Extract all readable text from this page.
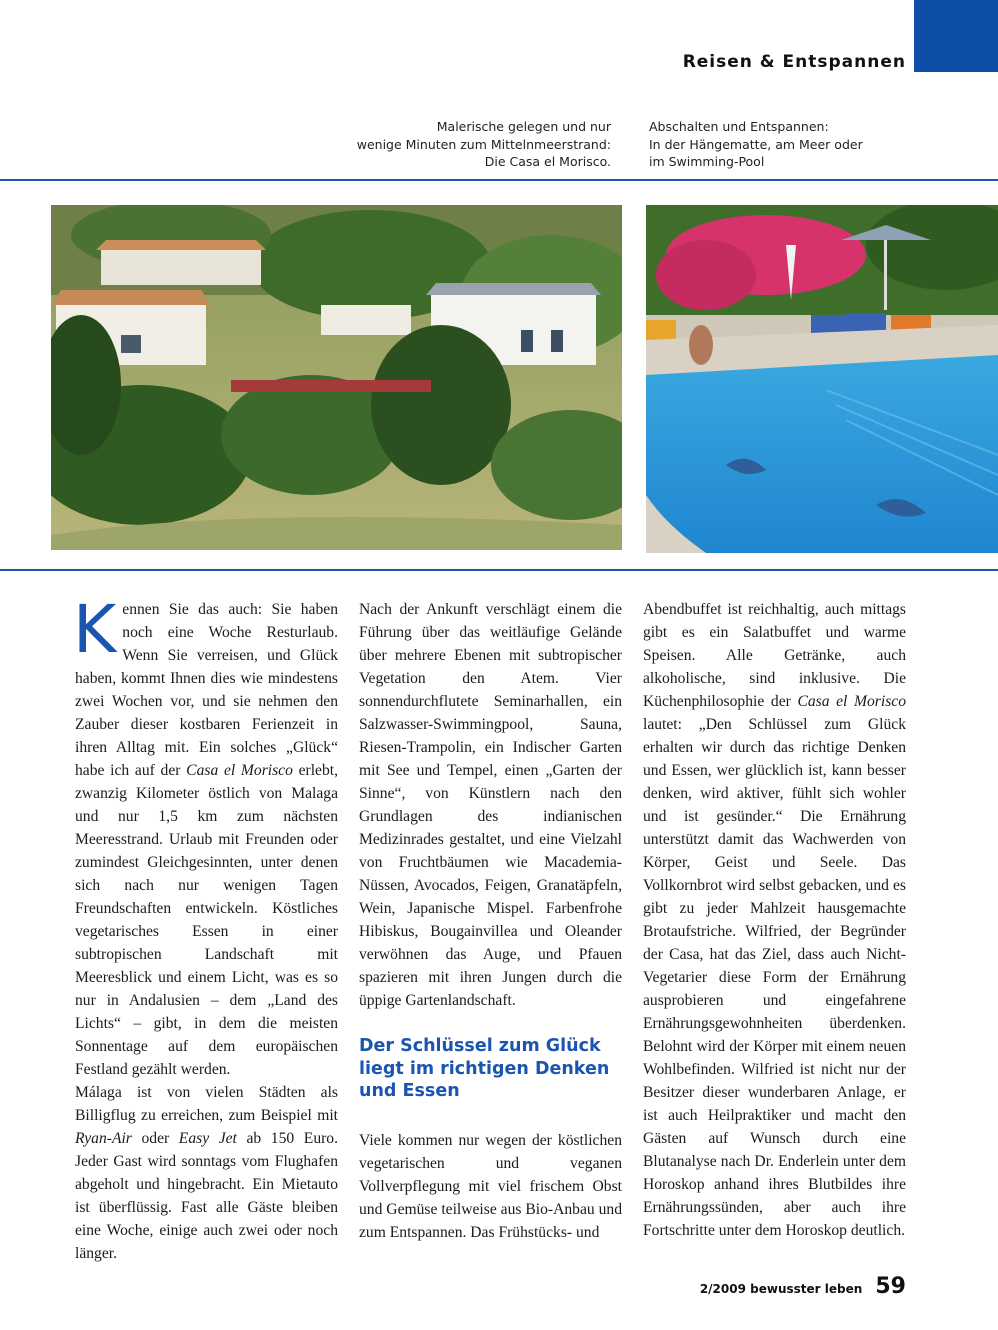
Reisen & Entspannen
Malerische gelegen und nur
wenige Minuten zum Mittelnmeerstrand:
Die Casa el Morisco.
Abschalten und Entspannen:
In der Hängematte, am Meer oder
im Swimming-Pool

Kennen Sie das auch: Sie haben noch eine Woche Resturlaub. Wenn Sie verreisen, und Glück haben, kommt Ihnen dies wie mindestens zwei Wochen vor, und sie nehmen den Zauber dieser kostbaren Ferienzeit in ihren Alltag mit. Ein solches „Glück“ habe ich auf der Casa el Morisco erlebt, zwanzig Kilometer östlich von Malaga und nur 1,5 km zum nächsten Meeresstrand. Urlaub mit Freunden oder zumindest Gleichgesinnten, unter denen sich nach nur wenigen Tagen Freundschaften entwickeln. Köstliches vegetarisches Essen in einer subtropischen Landschaft mit Meeresblick und einem Licht, was es so nur in Andalusien – dem „Land des Lichts“ – gibt, in dem die meisten Sonnentage auf dem europäischen Festland gezählt werden.

Málaga ist von vielen Städten als Billigflug zu erreichen, zum Beispiel mit Ryan-Air oder Easy Jet ab 150 Euro. Jeder Gast wird sonntags vom Flughafen abgeholt und hingebracht. Ein Mietauto ist überflüssig. Fast alle Gäste bleiben eine Woche, einige auch zwei oder noch länger.

Nach der Ankunft verschlägt einem die Führung über das weitläufige Gelände über mehrere Ebenen mit subtropischer Vegetation den Atem. Vier sonnendurchflutete Seminarhallen, ein Salzwasser-Swimmingpool, Sauna, Riesen-Trampolin, ein Indischer Garten mit See und Tempel, einen „Garten der Sinne“, von Künstlern nach den Grundlagen des indianischen Medizinrades gestaltet, und eine Vielzahl von Fruchtbäumen wie Macademia-Nüssen, Avocados, Feigen, Granatäpfeln, Wein, Japanische Mispel. Farbenfrohe Hibiskus, Bougainvillea und Oleander verwöhnen das Auge, und Pfauen spazieren mit ihren Jungen durch die üppige Gartenlandschaft.

Der Schlüssel zum Glück liegt im richtigen Denken und Essen

Viele kommen nur wegen der köstlichen vegetarischen und veganen Vollverpflegung mit viel frischem Obst und Gemüse teilweise aus Bio-Anbau und zum Entspannen. Das Frühstücks- und

Abendbuffet ist reichhaltig, auch mittags gibt es ein Salatbuffet und warme Speisen. Alle Getränke, auch alkoholische, sind inklusive. Die Küchenphilosophie der Casa el Morisco lautet: „Den Schlüssel zum Glück erhalten wir durch das richtige Denken und Essen, wer glücklich ist, kann besser denken, wird aktiver, fühlt sich wohler und ist gesünder.“ Die Ernährung unterstützt damit das Wachwerden von Körper, Geist und Seele. Das Vollkornbrot wird selbst gebacken, und es gibt zu jeder Mahlzeit hausgemachte Brotaufstriche. Wilfried, der Begründer der Casa, hat das Ziel, dass auch Nicht-Vegetarier diese Form der Ernährung ausprobieren und eingefahrene Ernährungsgewohnheiten überdenken. Belohnt wird der Körper mit einem neuen Wohlbefinden. Wilfried ist nicht nur der Besitzer dieser wunderbaren Anlage, er ist auch Heilpraktiker und macht den Gästen auf Wunsch durch eine Blutanalyse nach Dr. Enderlein unter dem Horoskop anhand ihres Blutbildes ihre Ernährungssünden, aber auch ihre Fortschritte unter dem Horoskop deutlich.

2/2009 bewusster leben 59
